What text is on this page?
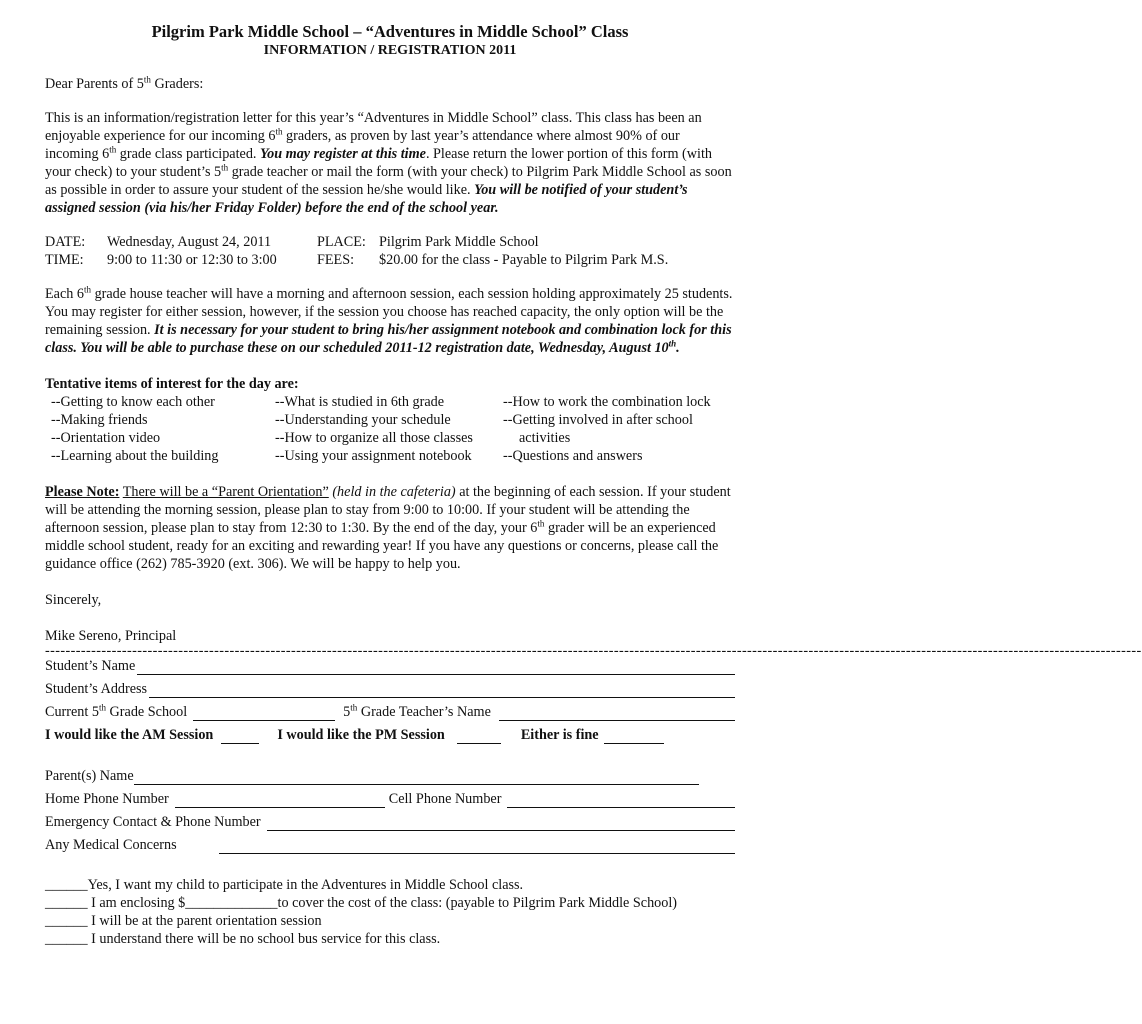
Pilgrim Park Middle School – “Adventures in Middle School” Class
INFORMATION / REGISTRATION 2011

Dear Parents of 5th Graders:

This is an information/registration letter for this year’s “Adventures in Middle School” class. This class has been an enjoyable experience for our incoming 6th graders, as proven by last year’s attendance where almost 90% of our incoming 6th grade class participated. You may register at this time. Please return the lower portion of this form (with your check) to your student’s 5th grade teacher or mail the form (with your check) to Pilgrim Park Middle School as soon as possible in order to assure your student of the session he/she would like. You will be notified of your student’s assigned session (via his/her Friday Folder) before the end of the school year.

DATE:	Wednesday, August 24, 2011	PLACE: Pilgrim Park Middle School
TIME:	9:00 to 11:30 or 12:30 to 3:00	FEES:	$20.00 for the class - Payable to Pilgrim Park M.S.

Each 6th grade house teacher will have a morning and afternoon session, each session holding approximately 25 students. You may register for either session, however, if the session you choose has reached capacity, the only option will be the remaining session. It is necessary for your student to bring his/her assignment notebook and combination lock for this class. You will be able to purchase these on our scheduled 2011-12 registration date, Wednesday, August 10th.

Tentative items of interest for the day are:
--Getting to know each other	--What is studied in 6th grade	--How to work the combination lock
--Making friends	--Understanding your schedule	--Getting involved in after school
--Orientation video	--How to organize all those classes	activities
--Learning about the building	--Using your assignment notebook	--Questions and answers

Please Note: There will be a “Parent Orientation” (held in the cafeteria) at the beginning of each session. If your student will be attending the morning session, please plan to stay from 9:00 to 10:00. If your student will be attending the afternoon session, please plan to stay from 12:30 to 1:30. By the end of the day, your 6th grader will be an experienced middle school student, ready for an exciting and rewarding year! If you have any questions or concerns, please call the guidance office (262) 785-3920 (ext. 306). We will be happy to help you.

Sincerely,

Mike Sereno, Principal

----------------------------------------------------------------------------------------------------------------------------------------------------------------------------------------------------------------------
Student’s Name
Student’s Address
Current 5th Grade School	5th Grade Teacher’s Name
I would like the AM Session	I would like the PM Session	Either is fine
Parent(s) Name
Home Phone Number	Cell Phone Number
Emergency Contact & Phone Number
Any Medical Concerns
______Yes, I want my child to participate in the Adventures in Middle School class.
______ I am enclosing $_____________to cover the cost of the class: (payable to Pilgrim Park Middle School)
______ I will be at the parent orientation session
______ I understand there will be no school bus service for this class.
